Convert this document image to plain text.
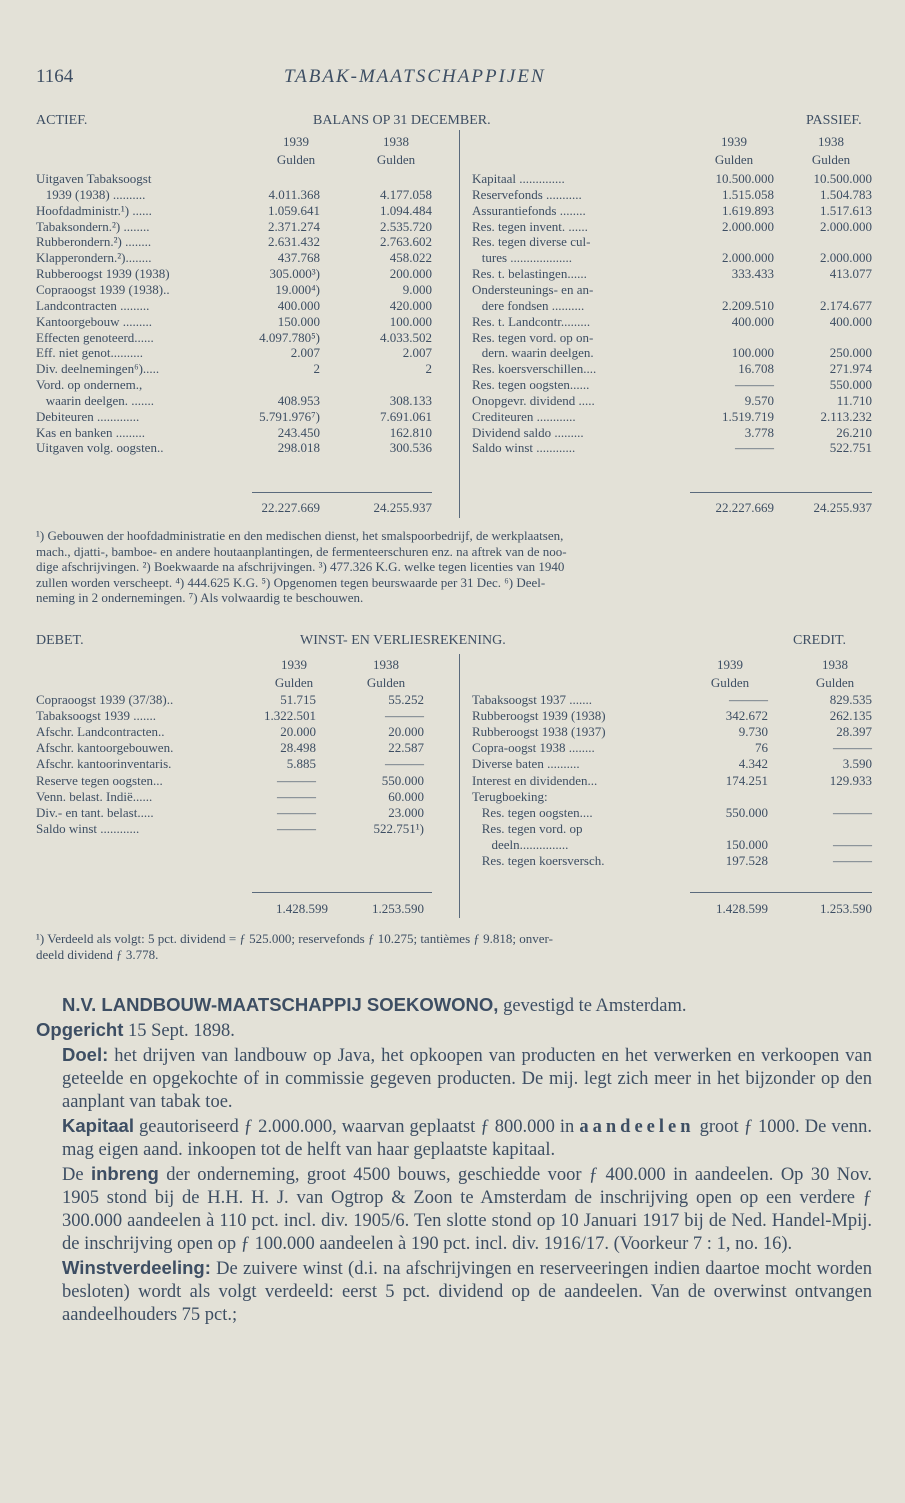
1164	TABAK-MAATSCHAPPIJEN
ACTIEF.	BALANS OP 31 DECEMBER.	PASSIEF.
1939	1938
Gulden	Gulden
1939	1938
Gulden	Gulden
Uitgaven Tabaksoogst
1939 (1938) ..........	4.011.368	4.177.058
Hoofdadministr.¹) ......	1.059.641	1.094.484
Tabaksondern.²) ........	2.371.274	2.535.720
Rubberondern.²) ........	2.631.432	2.763.602
Klapperondern.²)........	437.768	458.022
Rubberoogst 1939 (1938)	305.000³)	200.000
Copraoogst 1939 (1938)..	19.000⁴)	9.000
Landcontracten .........	400.000	420.000
Kantoorgebouw .........	150.000	100.000
Effecten genoteerd......	4.097.780⁵)	4.033.502
Eff. niet genot..........	2.007	2.007
Div. deelnemingen⁶).....	2	2
Vord. op ondernem.,
waarin deelgen. .......	408.953	308.133
Debiteuren .............	5.791.976⁷)	7.691.061
Kas en banken .........	243.450	162.810
Uitgaven volg. oogsten..	298.018	300.536
Kapitaal ..............	10.500.000	10.500.000
Reservefonds ...........	1.515.058	1.504.783
Assurantiefonds ........	1.619.893	1.517.613
Res. tegen invent. ......	2.000.000	2.000.000
Res. tegen diverse cul-
tures ...................	2.000.000	2.000.000
Res. t. belastingen......	333.433	413.077
Ondersteunings- en an-
dere fondsen ..........	2.209.510	2.174.677
Res. t. Landcontr.........	400.000	400.000
Res. tegen vord. op on-
dern. waarin deelgen.	100.000	250.000
Res. koersverschillen....	16.708	271.974
Res. tegen oogsten......	———	550.000
Onopgevr. dividend .....	9.570	11.710
Crediteuren ............	1.519.719	2.113.232
Dividend saldo .........	3.778	26.210
Saldo winst ............	———	522.751
22.227.669	24.255.937	22.227.669	24.255.937
¹) Gebouwen der hoofdadministratie en den medischen dienst, het smalspoorbedrijf, de werkplaatsen,
mach., djatti-, bamboe- en andere houtaanplantingen, de fermenteerschuren enz. na aftrek van de noo-
dige afschrijvingen. ²) Boekwaarde na afschrijvingen. ³) 477.326 K.G. welke tegen licenties van 1940
zullen worden verscheept. ⁴) 444.625 K.G. ⁵) Opgenomen tegen beurswaarde per 31 Dec. ⁶) Deel-
neming in 2 ondernemingen. ⁷) Als volwaardig te beschouwen.
DEBET.	WINST- EN VERLIESREKENING.	CREDIT.
1939	1938
Gulden	Gulden
1939	1938
Gulden	Gulden
Copraoogst 1939 (37/38)..	51.715	55.252
Tabaksoogst 1939 .......	1.322.501	———
Afschr. Landcontracten..	20.000	20.000
Afschr. kantoorgebouwen.	28.498	22.587
Afschr. kantoorinventaris.	5.885	———
Reserve tegen oogsten...	———	550.000
Venn. belast. Indië......	———	60.000
Div.- en tant. belast.....	———	23.000
Saldo winst ............	———	522.751¹)
Tabaksoogst 1937 .......	———	829.535
Rubberoogst 1939 (1938)	342.672	262.135
Rubberoogst 1938 (1937)	9.730	28.397
Copra-oogst 1938 ........	76	———
Diverse baten ..........	4.342	3.590
Interest en dividenden...	174.251	129.933
Terugboeking:
Res. tegen oogsten....	550.000	———
Res. tegen vord. op
deeln...............	150.000	———
Res. tegen koersversch.	197.528	———
1.428.599	1.253.590	1.428.599	1.253.590
¹) Verdeeld als volgt: 5 pct. dividend = ƒ 525.000; reservefonds ƒ 10.275; tantièmes ƒ 9.818; onver-
deeld dividend ƒ 3.778.

N.V. LANDBOUW-MAATSCHAPPIJ SOEKOWONO, gevestigd te Amsterdam.

Opgericht 15 Sept. 1898.

Doel: het drijven van landbouw op Java, het opkoopen van producten en het verwerken en verkoopen van geteelde en opgekochte of in commissie gegeven producten. De mij. legt zich meer in het bijzonder op den aanplant van tabak toe.

Kapitaal geautoriseerd ƒ 2.000.000, waarvan geplaatst ƒ 800.000 in aandeelen groot ƒ 1000. De venn. mag eigen aand. inkoopen tot de helft van haar geplaatste kapitaal.

De inbreng der onderneming, groot 4500 bouws, geschiedde voor ƒ 400.000 in aandeelen. Op 30 Nov. 1905 stond bij de H.H. H. J. van Ogtrop & Zoon te Amsterdam de inschrijving open op een verdere ƒ 300.000 aandeelen à 110 pct. incl. div. 1905/6. Ten slotte stond op 10 Januari 1917 bij de Ned. Handel-Mpij. de inschrijving open op ƒ 100.000 aandeelen à 190 pct. incl. div. 1916/17. (Voorkeur 7 : 1, no. 16).

Winstverdeeling: De zuivere winst (d.i. na afschrijvingen en reserveeringen indien daartoe mocht worden besloten) wordt als volgt verdeeld: eerst 5 pct. dividend op de aandeelen. Van de overwinst ontvangen aandeelhouders 75 pct.;
